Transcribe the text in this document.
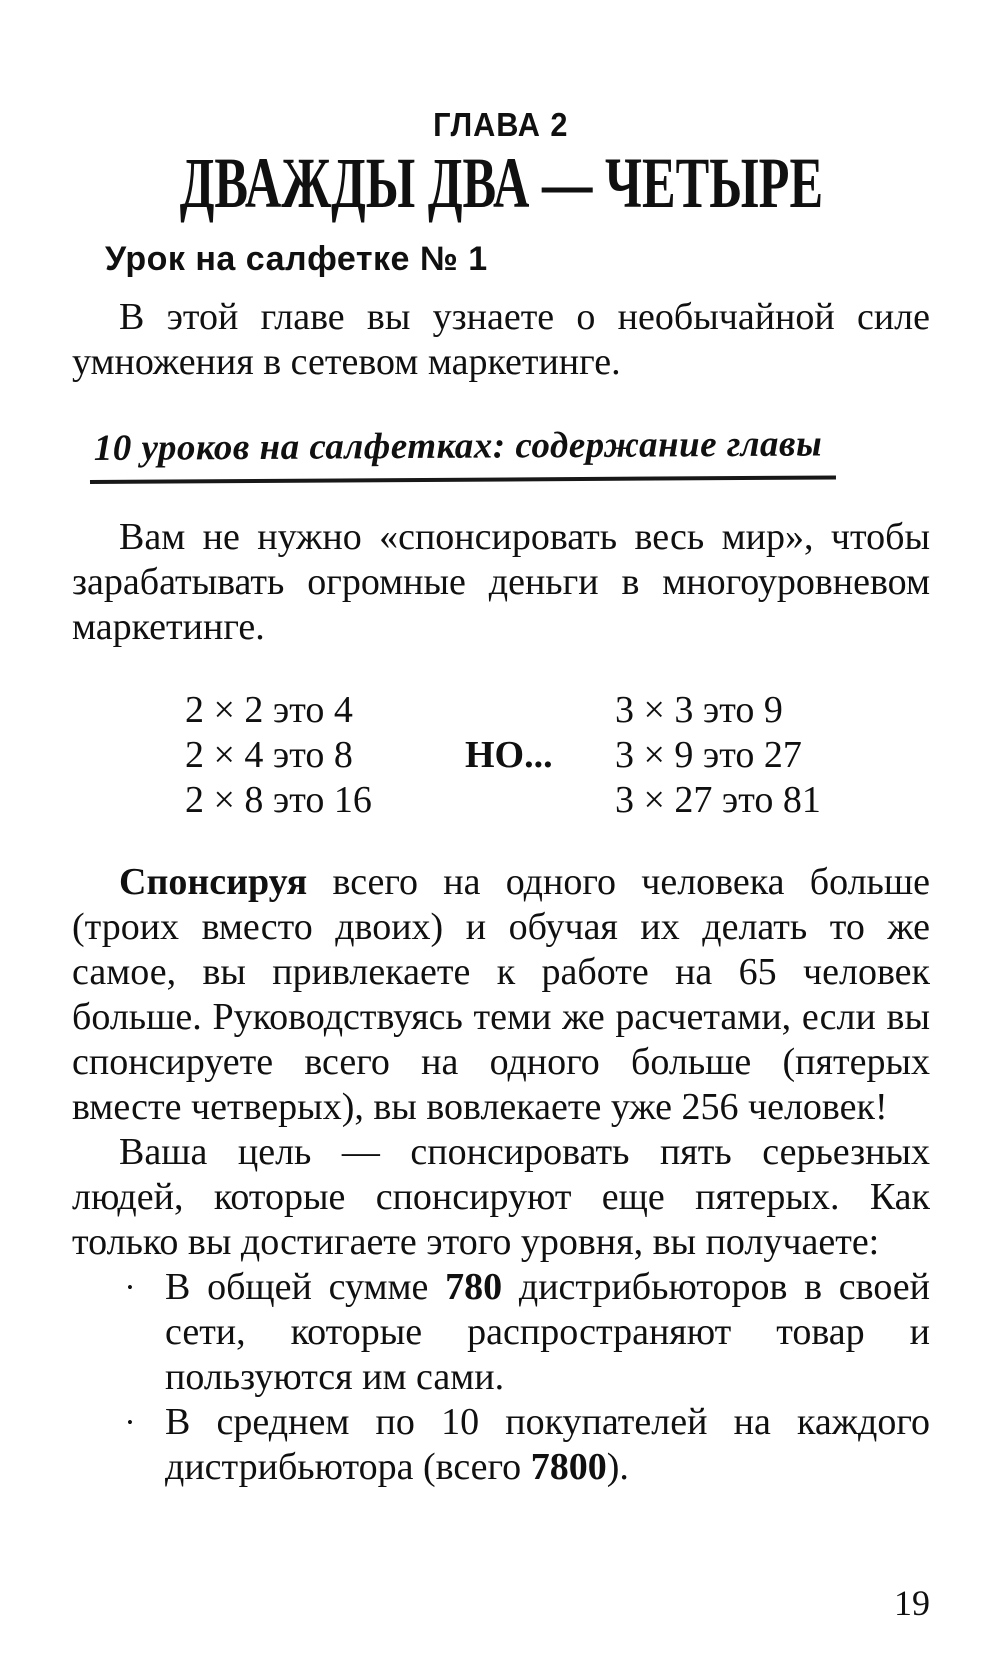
ГЛАВА 2
ДВАЖДЫ ДВА — ЧЕТЫРЕ
Урок на салфетке № 1

В этой главе вы узнаете о необычайной силе умножения в сетевом маркетинге.

10 уроков на салфетках: содержание главы

Вам не нужно «спонсировать весь мир», чтобы зарабатывать огромные деньги в многоуровневом маркетинге.

2 × 2 это 4
2 × 4 это 8
2 × 8 это 16
НО...
3 × 3 это 9
3 × 9 это 27
3 × 27 это 81

Спонсируя всего на одного человека больше (троих вместо двоих) и обучая их делать то же самое, вы привлекаете к работе на 65 человек больше. Руководствуясь теми же расчетами, если вы спонсируете всего на одного больше (пятерых вместе четверых), вы вовлекаете уже 256 человек!

Ваша цель — спонсировать пять серьезных людей, которые спонсируют еще пятерых. Как только вы достигаете этого уровня, вы получаете:

• В общей сумме 780 дистрибьюторов в своей сети, которые распространяют товар и пользуются им сами.
• В среднем по 10 покупателей на каждого дистрибьютора (всего 7800).
19
